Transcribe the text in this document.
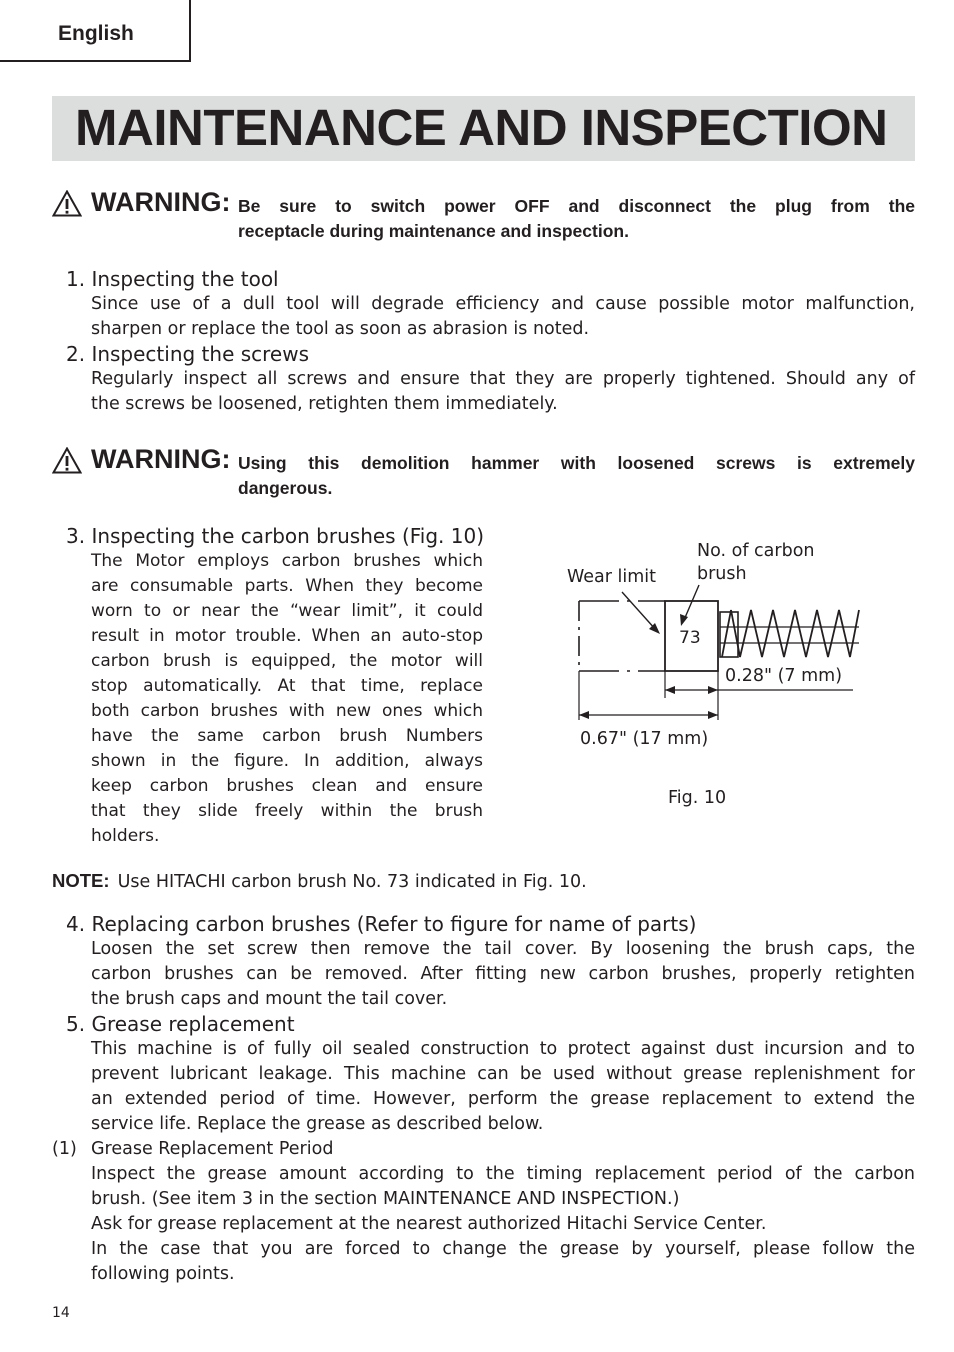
English
MAINTENANCE AND INSPECTION
WARNING: Be sure to switch power OFF and disconnect the plug from the
receptacle during maintenance and inspection.
1. Inspecting the tool
Since use of a dull tool will degrade efficiency and cause possible motor malfunction,
sharpen or replace the tool as soon as abrasion is noted.
2. Inspecting the screws
Regularly inspect all screws and ensure that they are properly tightened. Should any of
the screws be loosened, retighten them immediately.
WARNING: Using this demolition hammer with loosened screws is extremely
dangerous.
3. Inspecting the carbon brushes (Fig. 10)
The Motor employs carbon brushes which
are consumable parts. When they become
worn to or near the “wear limit”, it could
result in motor trouble. When an auto-stop
carbon brush is equipped, the motor will
stop automatically. At that time, replace
both carbon brushes with new ones which
have the same carbon brush Numbers
shown in the figure. In addition, always
keep carbon brushes clean and ensure
that they slide freely within the brush
holders.
Wear limit
No. of carbon
brush
73
0.28" (7 mm)
0.67" (17 mm)
Fig. 10
NOTE: Use HITACHI carbon brush No. 73 indicated in Fig. 10.
4. Replacing carbon brushes (Refer to figure for name of parts)
Loosen the set screw then remove the tail cover. By loosening the brush caps, the
carbon brushes can be removed. After fitting new carbon brushes, properly retighten
the brush caps and mount the tail cover.
5. Grease replacement
This machine is of fully oil sealed construction to protect against dust incursion and to
prevent lubricant leakage. This machine can be used without grease replenishment for
an extended period of time. However, perform the grease replacement to extend the
service life. Replace the grease as described below.
(1) Grease Replacement Period
Inspect the grease amount according to the timing replacement period of the carbon
brush. (See item 3 in the section MAINTENANCE AND INSPECTION.)
Ask for grease replacement at the nearest authorized Hitachi Service Center.
In the case that you are forced to change the grease by yourself, please follow the
following points.
14
